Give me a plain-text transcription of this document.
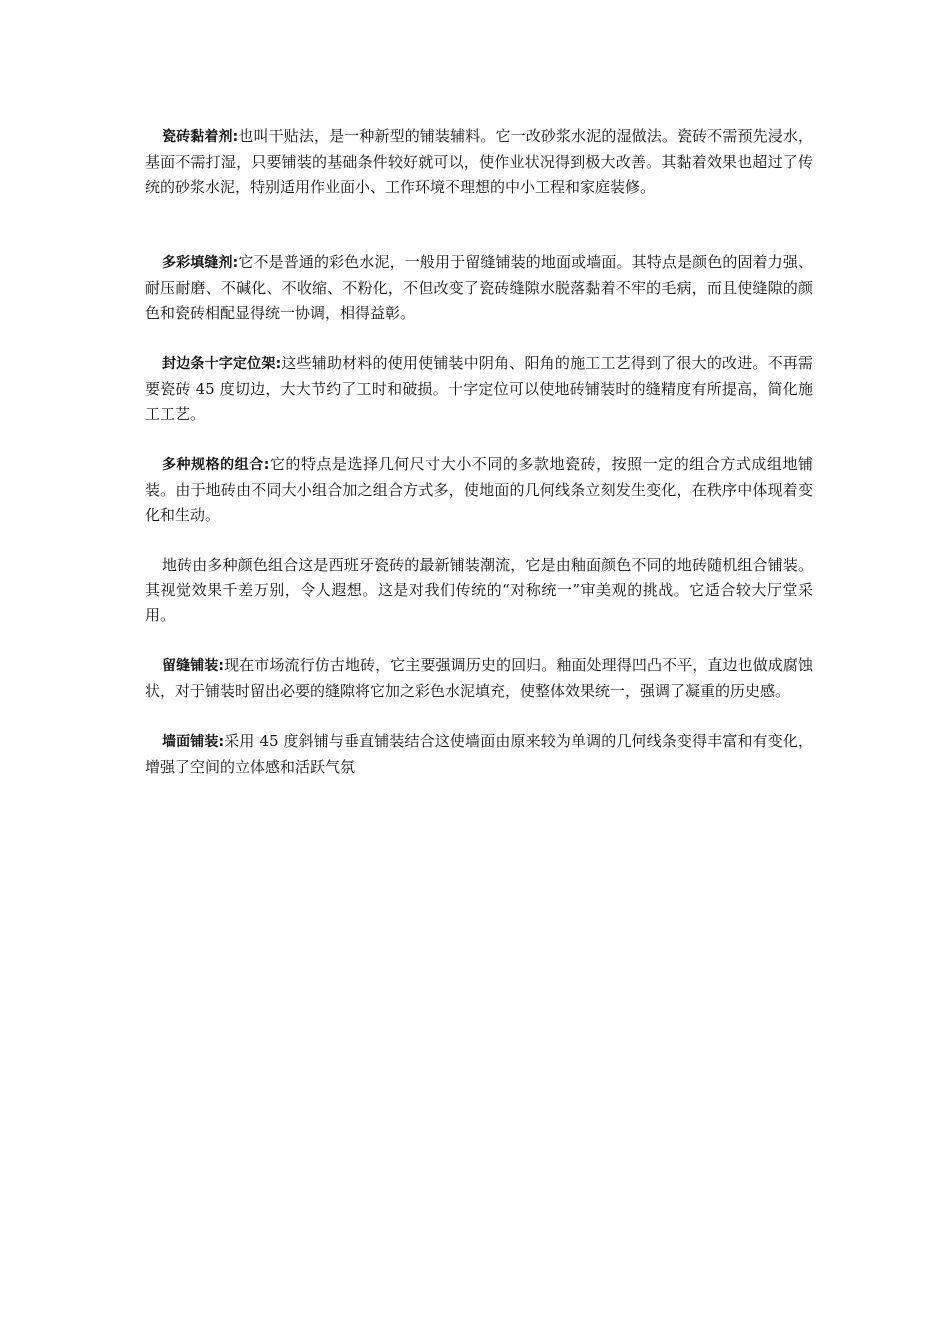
瓷砖黏着剂:也叫干贴法，是一种新型的铺装辅料。它一改砂浆水泥的湿做法。瓷砖不需预先浸水，基面不需打湿，只要铺装的基础条件较好就可以，使作业状况得到极大改善。其黏着效果也超过了传统的砂浆水泥，特别适用作业面小、工作环境不理想的中小工程和家庭装修。

多彩填缝剂:它不是普通的彩色水泥，一般用于留缝铺装的地面或墙面。其特点是颜色的固着力强、耐压耐磨、不碱化、不收缩、不粉化，不但改变了瓷砖缝隙水脱落黏着不牢的毛病，而且使缝隙的颜色和瓷砖相配显得统一协调，相得益彰。

封边条十字定位架:这些辅助材料的使用使铺装中阴角、阳角的施工工艺得到了很大的改进。不再需要瓷砖 45 度切边，大大节约了工时和破损。十字定位可以使地砖铺装时的缝精度有所提高，简化施工工艺。

多种规格的组合:它的特点是选择几何尺寸大小不同的多款地瓷砖，按照一定的组合方式成组地铺装。由于地砖由不同大小组合加之组合方式多，使地面的几何线条立刻发生变化，在秩序中体现着变化和生动。

地砖由多种颜色组合这是西班牙瓷砖的最新铺装潮流，它是由釉面颜色不同的地砖随机组合铺装。其视觉效果千差万别，令人遐想。这是对我们传统的“对称统一”审美观的挑战。它适合较大厅堂采用。

留缝铺装:现在市场流行仿古地砖，它主要强调历史的回归。釉面处理得凹凸不平，直边也做成腐蚀状，对于铺装时留出必要的缝隙将它加之彩色水泥填充，使整体效果统一，强调了凝重的历史感。

墙面铺装:采用 45 度斜铺与垂直铺装结合这使墙面由原来较为单调的几何线条变得丰富和有变化，增强了空间的立体感和活跃气氛
